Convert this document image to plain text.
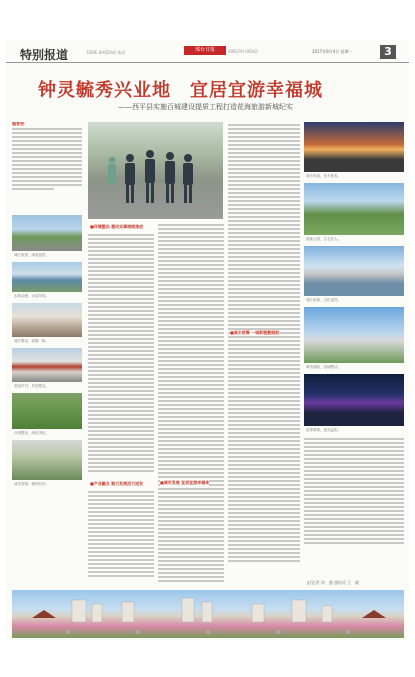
特别报道	TEBIE BAODAO 新闻	邢台日报	XINGTAI RIBAO	2017年9月4日 星期一	3
钟灵毓秀兴业地　宜居宜游幸福城
——西平县实施百城建设提质工程打造花海旅游新城纪实
编者按：
城区街道，绿意盎然。
水系治理，水清岸绿。
城乡整治，面貌一新。
美丽乡村，民居整洁。
环境整治，绿化美化。
城市管理，精细有序。
■环境整治 惠民实事接续推进
■产业融合 聚力发展活力迸发
■城乡统筹 一城新貌靓眼前
■城市发展 宜居宜游幸福来
城市风貌，美不胜收。
湿地公园，生态宜人。
城区新貌，生机盎然。
城市道路，宽阔整洁。
夜景璀璨，流光溢彩。
文/记者 刘　通 通讯员 王　毅
